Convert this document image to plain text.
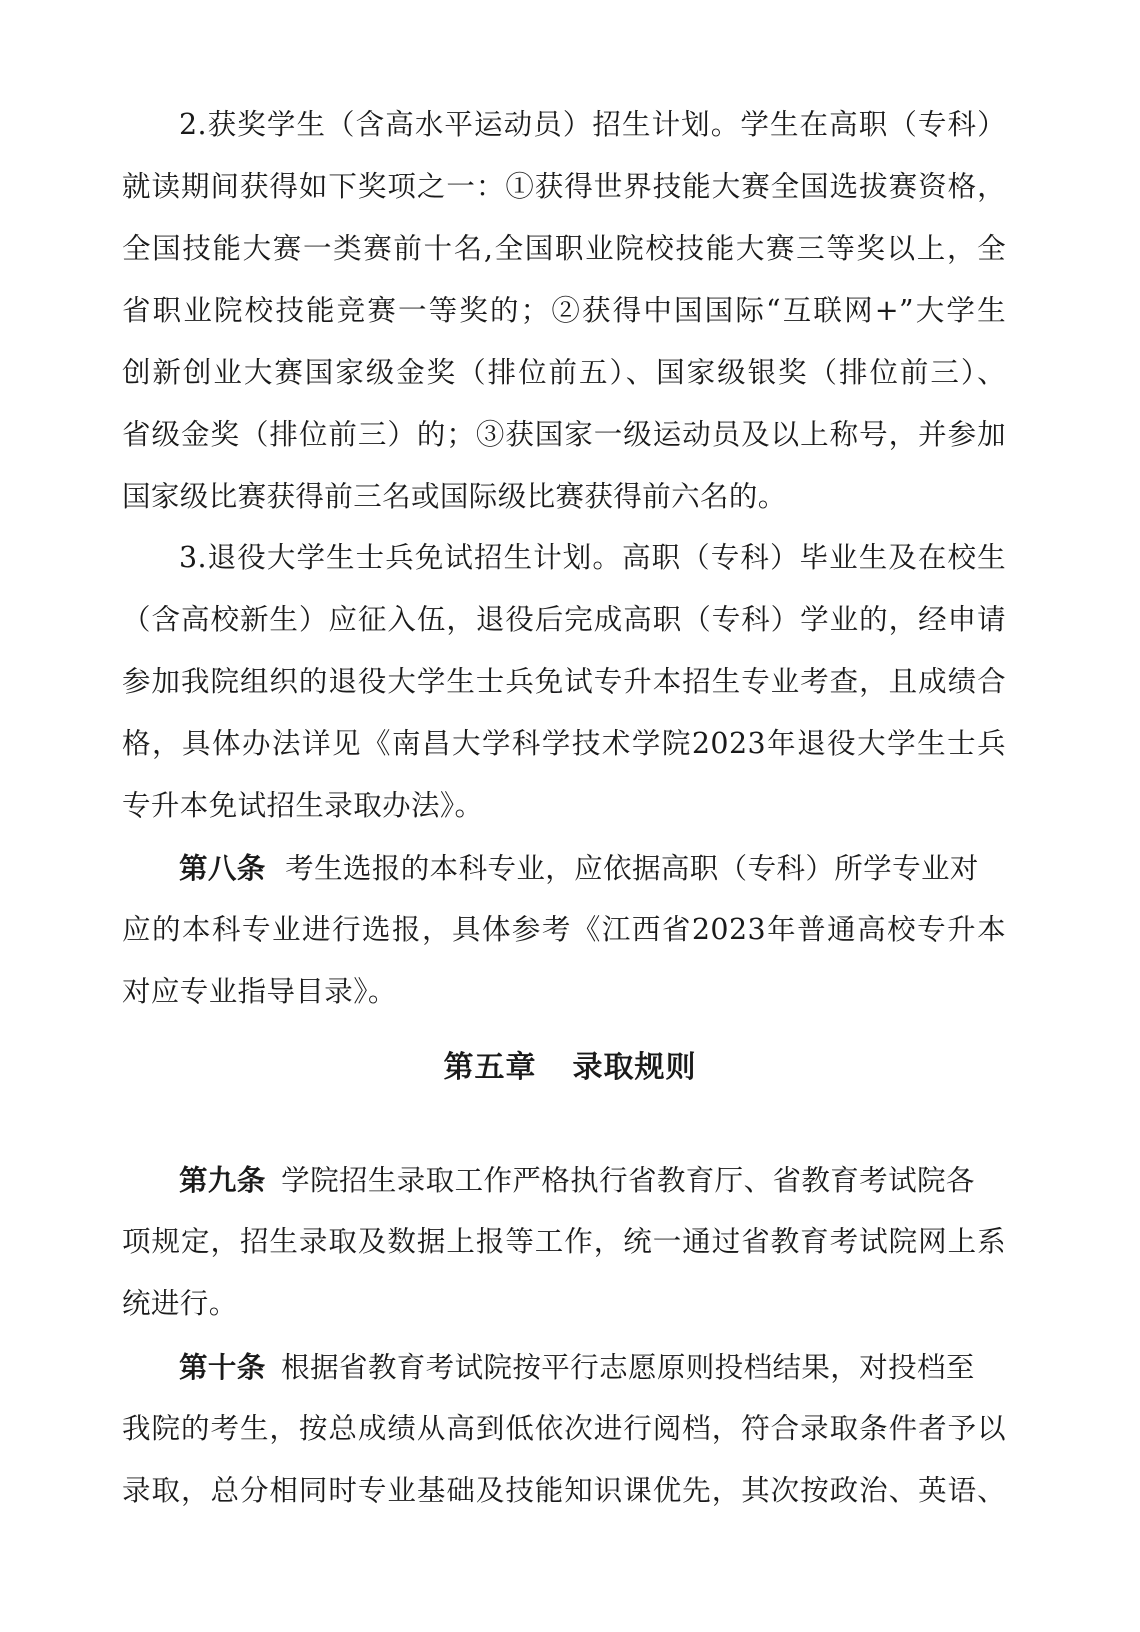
2.获奖学生（含高水平运动员）招生计划。学生在高职（专科）
就读期间获得如下奖项之一：①获得世界技能大赛全国选拔赛资格，
全国技能大赛一类赛前十名,全国职业院校技能大赛三等奖以上，全
省职业院校技能竞赛一等奖的；②获得中国国际“互联网+”大学生
创新创业大赛国家级金奖（排位前五）、国家级银奖（排位前三）、
省级金奖（排位前三）的；③获国家一级运动员及以上称号，并参加
国家级比赛获得前三名或国际级比赛获得前六名的。
3.退役大学生士兵免试招生计划。高职（专科）毕业生及在校生
（含高校新生）应征入伍，退役后完成高职（专科）学业的，经申请
参加我院组织的退役大学生士兵免试专升本招生专业考查，且成绩合
格，具体办法详见《南昌大学科学技术学院2023年退役大学生士兵
专升本免试招生录取办法》。
第八条 考生选报的本科专业，应依据高职（专科）所学专业对
应的本科专业进行选报，具体参考《江西省2023年普通高校专升本
对应专业指导目录》。
第五章 录取规则
第九条 学院招生录取工作严格执行省教育厅、省教育考试院各
项规定，招生录取及数据上报等工作，统一通过省教育考试院网上系
统进行。
第十条 根据省教育考试院按平行志愿原则投档结果，对投档至
我院的考生，按总成绩从高到低依次进行阅档，符合录取条件者予以
录取，总分相同时专业基础及技能知识课优先，其次按政治、英语、
